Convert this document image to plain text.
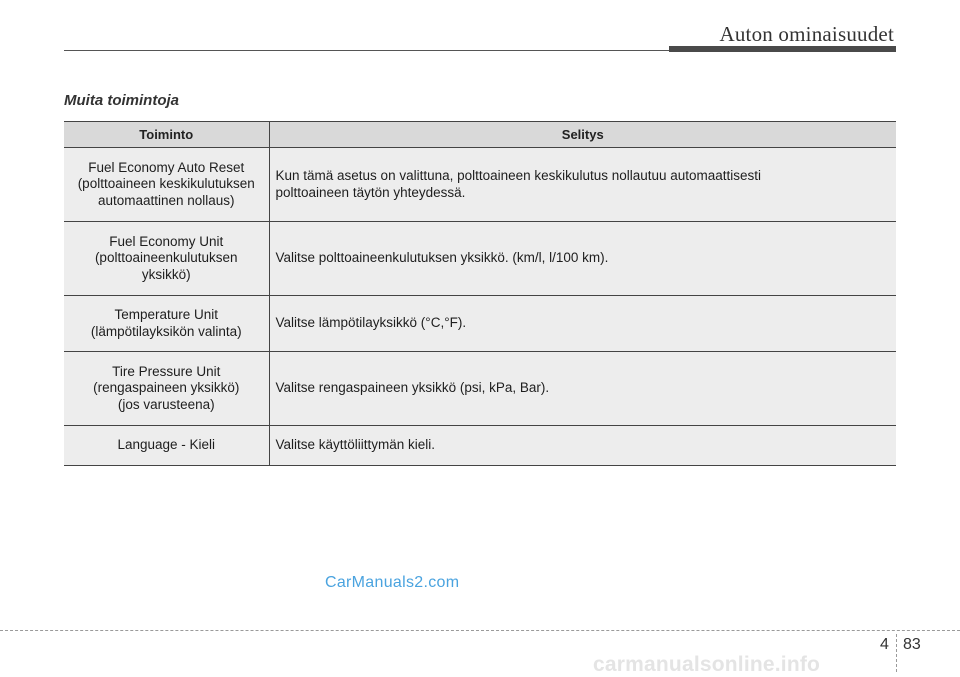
Auton ominaisuudet
Muita toimintoja
Toiminto	Selitys

Fuel Economy Auto Reset
(polttoaineen keskikulutuksen
automaattinen nollaus)	Kun tämä asetus on valittuna, polttoaineen keskikulutus nollautuu automaattisesti
polttoaineen täytön yhteydessä.

Fuel Economy Unit
(polttoaineenkulutuksen
yksikkö)	Valitse polttoaineenkulutuksen yksikkö. (km/l, l/100 km).

Temperature Unit
(lämpötilayksikön valinta)	Valitse lämpötilayksikkö (°C,°F).

Tire Pressure Unit
(rengaspaineen yksikkö)
(jos varusteena)	Valitse rengaspaineen yksikkö (psi, kPa, Bar).

Language - Kieli	Valitse käyttöliittymän kieli.
CarManuals2.com
4 83
carmanualsonline.info
